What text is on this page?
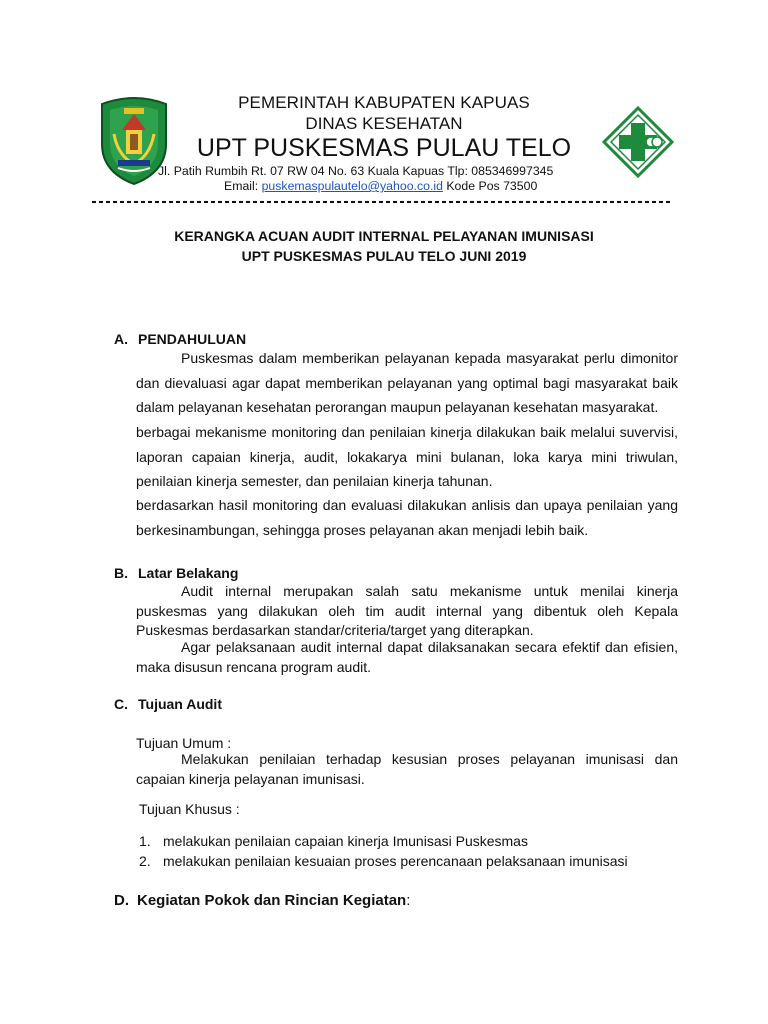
PEMERINTAH KABUPATEN KAPUAS
DINAS KESEHATAN
UPT PUSKESMAS PULAU TELO
Jl. Patih Rumbih Rt. 07 RW 04 No. 63 Kuala Kapuas Tlp: 085346997345
Email: puskemaspulautelo@yahoo.co.id Kode Pos 73500
KERANGKA ACUAN AUDIT INTERNAL PELAYANAN IMUNISASI
UPT PUSKESMAS PULAU TELO JUNI 2019
A. PENDAHULUAN
Puskesmas dalam memberikan pelayanan kepada masyarakat perlu dimonitor dan dievaluasi agar dapat memberikan pelayanan yang optimal bagi masyarakat baik dalam pelayanan kesehatan perorangan maupun pelayanan kesehatan masyarakat.
berbagai mekanisme monitoring dan penilaian kinerja dilakukan baik melalui suvervisi, laporan capaian kinerja, audit, lokakarya mini bulanan, loka karya mini triwulan, penilaian kinerja semester, dan penilaian kinerja tahunan.
berdasarkan hasil monitoring dan evaluasi dilakukan anlisis dan upaya penilaian yang berkesinambungan, sehingga proses pelayanan akan menjadi lebih baik.
B. Latar Belakang
Audit internal merupakan salah satu mekanisme untuk menilai kinerja puskesmas yang dilakukan oleh tim audit internal yang dibentuk oleh Kepala Puskesmas berdasarkan standar/criteria/target yang diterapkan.
Agar pelaksanaan audit internal dapat dilaksanakan secara efektif dan efisien, maka disusun rencana program audit.
C. Tujuan Audit
Tujuan Umum :
Melakukan penilaian terhadap kesusian proses pelayanan imunisasi dan capaian kinerja pelayanan imunisasi.
Tujuan Khusus :
1. melakukan penilaian capaian kinerja Imunisasi Puskesmas
2. melakukan penilaian kesuaian proses perencanaan pelaksanaan imunisasi
D. Kegiatan Pokok dan Rincian Kegiatan:
